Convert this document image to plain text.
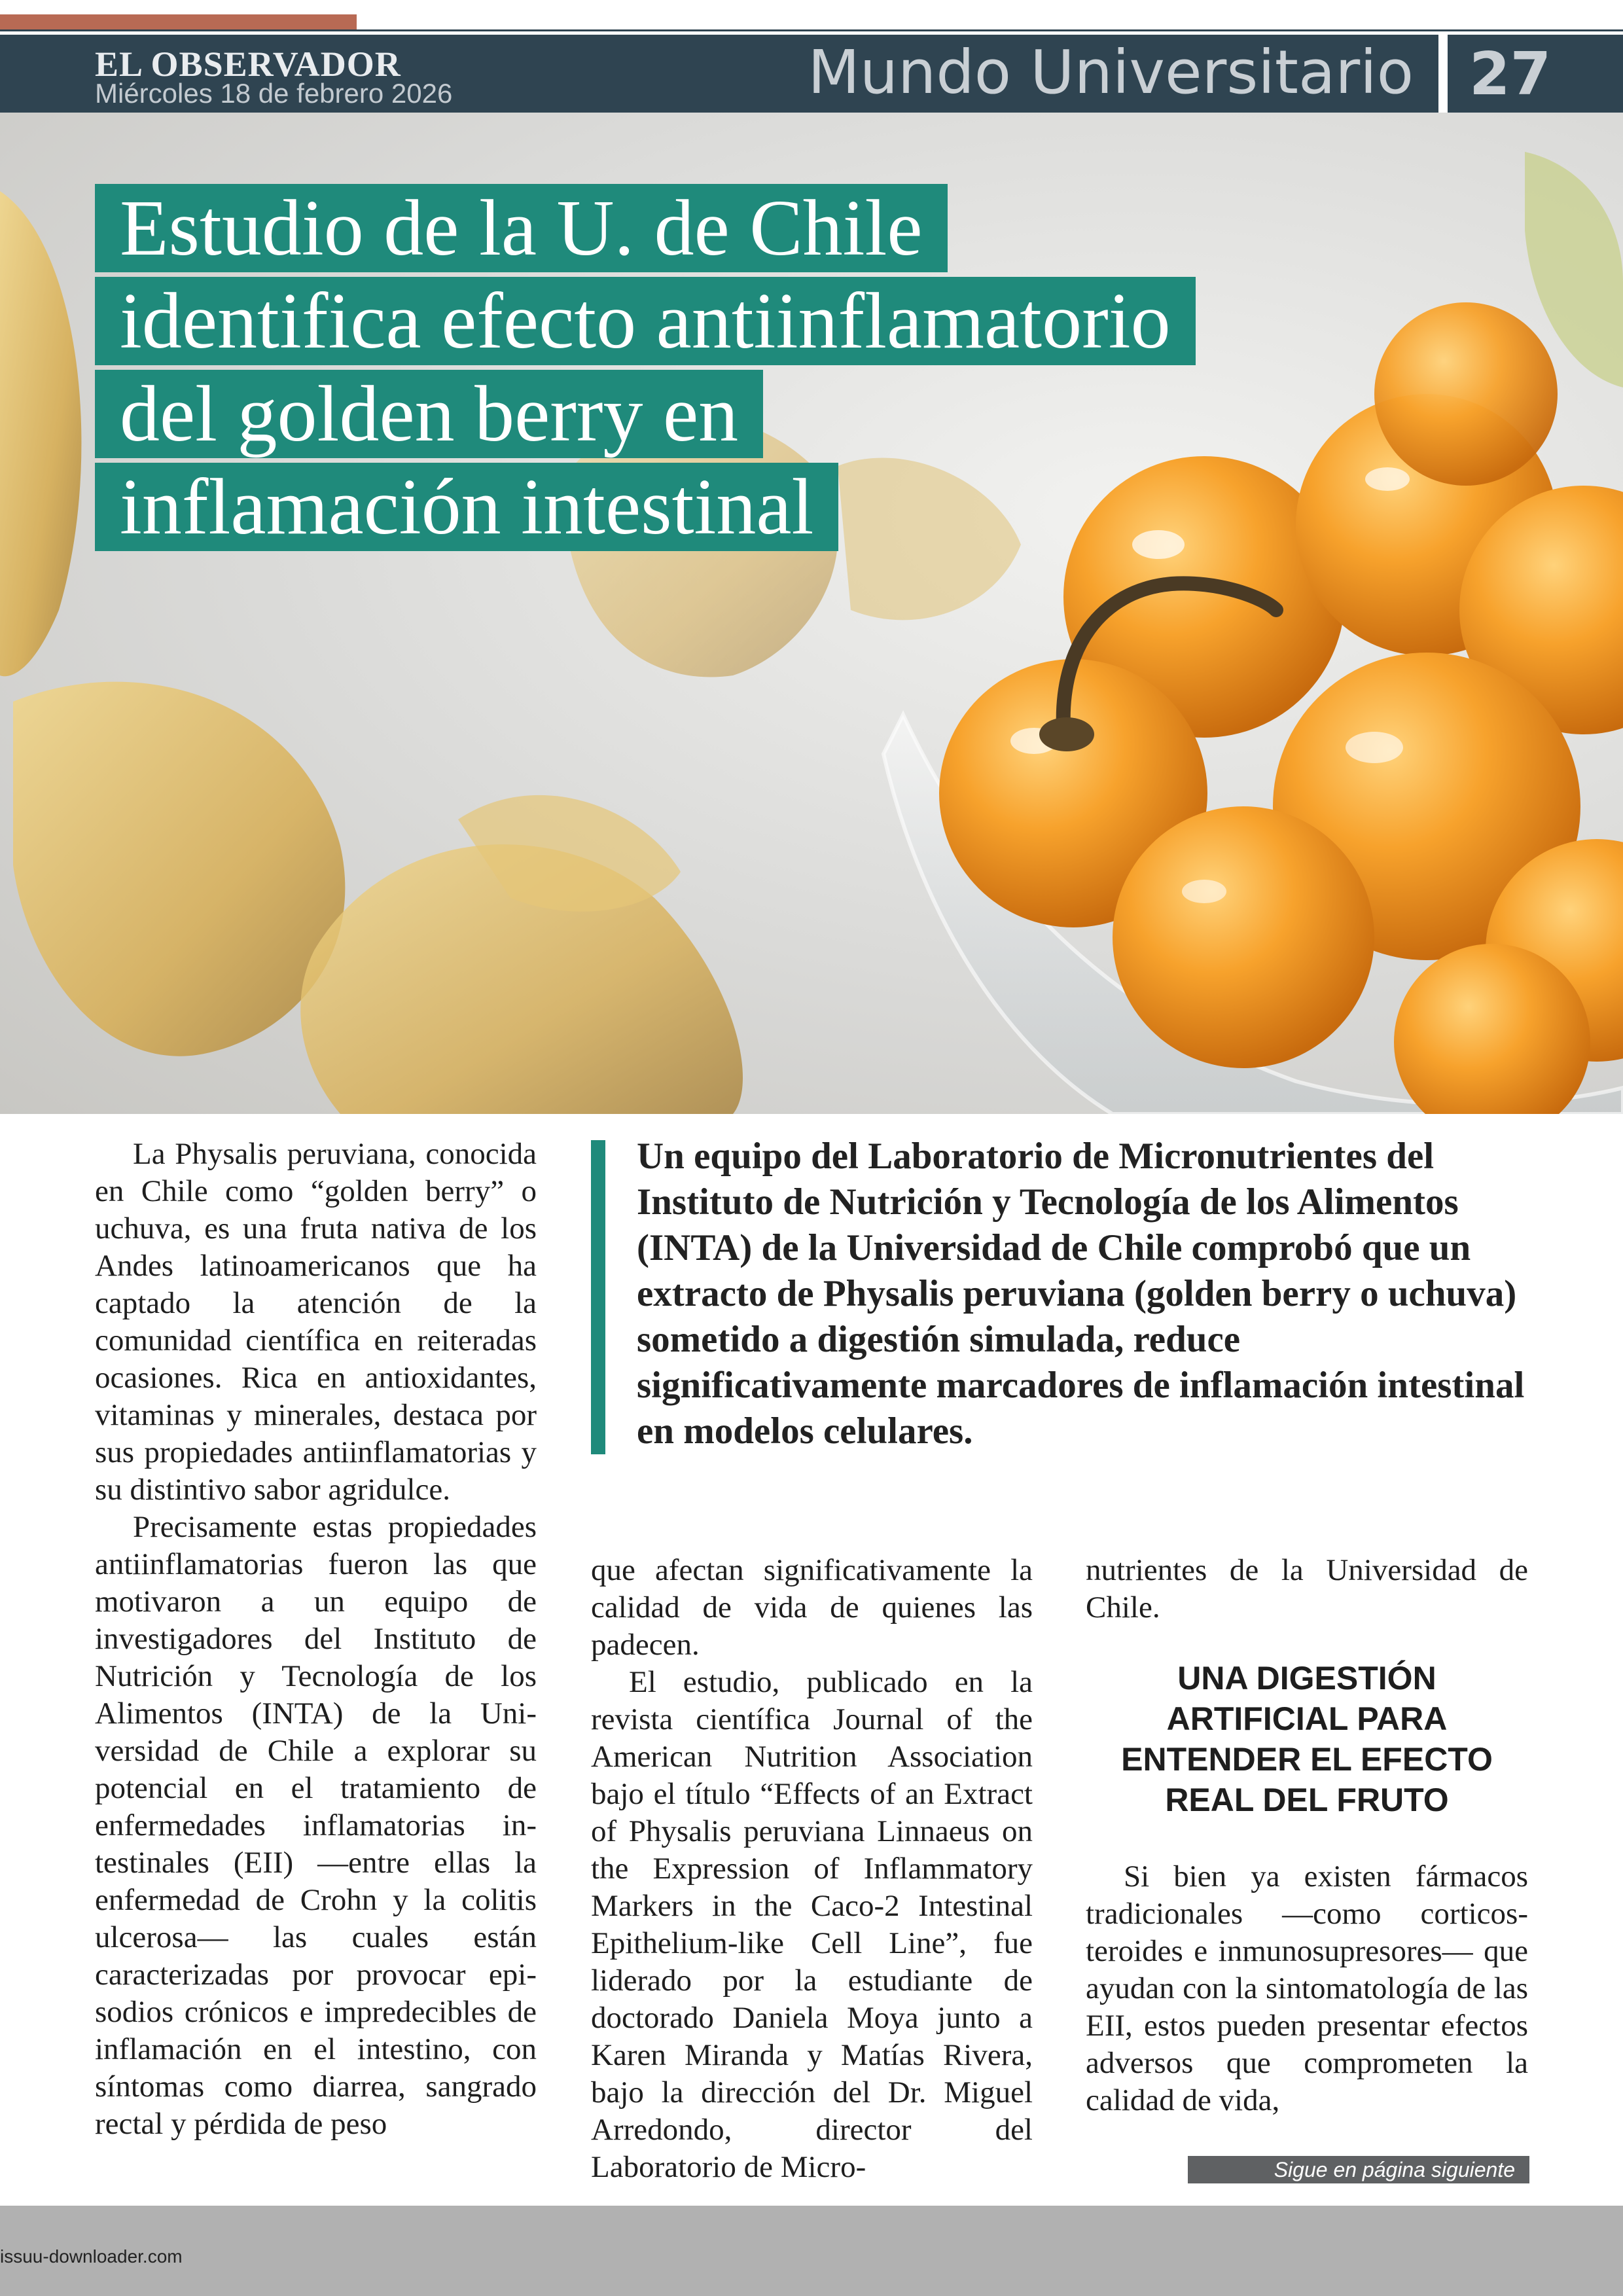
EL OBSERVADOR
Miércoles 18 de febrero 2026	Mundo Universitario 27
Estudio de la U. de Chile
identifica efecto antiinflamatorio
del golden berry en
inflamación intestinal

La Physalis peruviana, conocida en Chile como “golden berry” o uchuva, es una fruta nativa de los Andes latinoamericanos que ha captado la atención de la comunidad científica en reiteradas ocasiones. Rica en antioxidantes, vitaminas y minerales, destaca por sus propiedades antiinflamatorias y su distintivo sabor agridulce.

Precisamente estas propiedades antiinflamatorias fueron las que motivaron a un equipo de investigadores del Instituto de Nutrición y Tecnología de los Alimentos (INTA) de la Universidad de Chile a explorar su potencial en el tratamiento de enfermedades inflamatorias intestinales (EII) —entre ellas la enfermedad de Crohn y la colitis ulcerosa— las cuales están caracterizadas por provocar episodios crónicos e impredecibles de inflamación en el intestino, con síntomas como diarrea, sangrado rectal y pérdida de peso

Un equipo del Laboratorio de Micronutrientes del Instituto de Nutrición y Tecnología de los Alimentos (INTA) de la Universidad de Chile comprobó que un extracto de Physalis peruviana (golden berry o uchuva) sometido a digestión simulada, reduce significativamente marcadores de inflamación intestinal en modelos celulares.

que afectan significativamente la calidad de vida de quienes las padecen.

El estudio, publicado en la revista científica Journal of the American Nutrition Association bajo el título “Effects of an Extract of Physalis peruviana Linnaeus on the Expression of Inflammatory Markers in the Caco-2 Intestinal Epithelium-like Cell Line”, fue liderado por la estudiante de doctorado Daniela Moya junto a Karen Miranda y Matías Rivera, bajo la dirección del Dr. Miguel Arredondo, director del Laboratorio de Micro-

nutrientes de la Universidad de Chile.

UNA DIGESTIÓN ARTIFICIAL PARA ENTENDER EL EFECTO REAL DEL FRUTO

Si bien ya existen fármacos tradicionales —como corticosteroides e inmunosupresores— que ayudan con la sintomatología de las EII, estos pueden presentar efectos adversos que comprometen la calidad de vida,

Sigue en página siguiente
issuu-downloader.com
